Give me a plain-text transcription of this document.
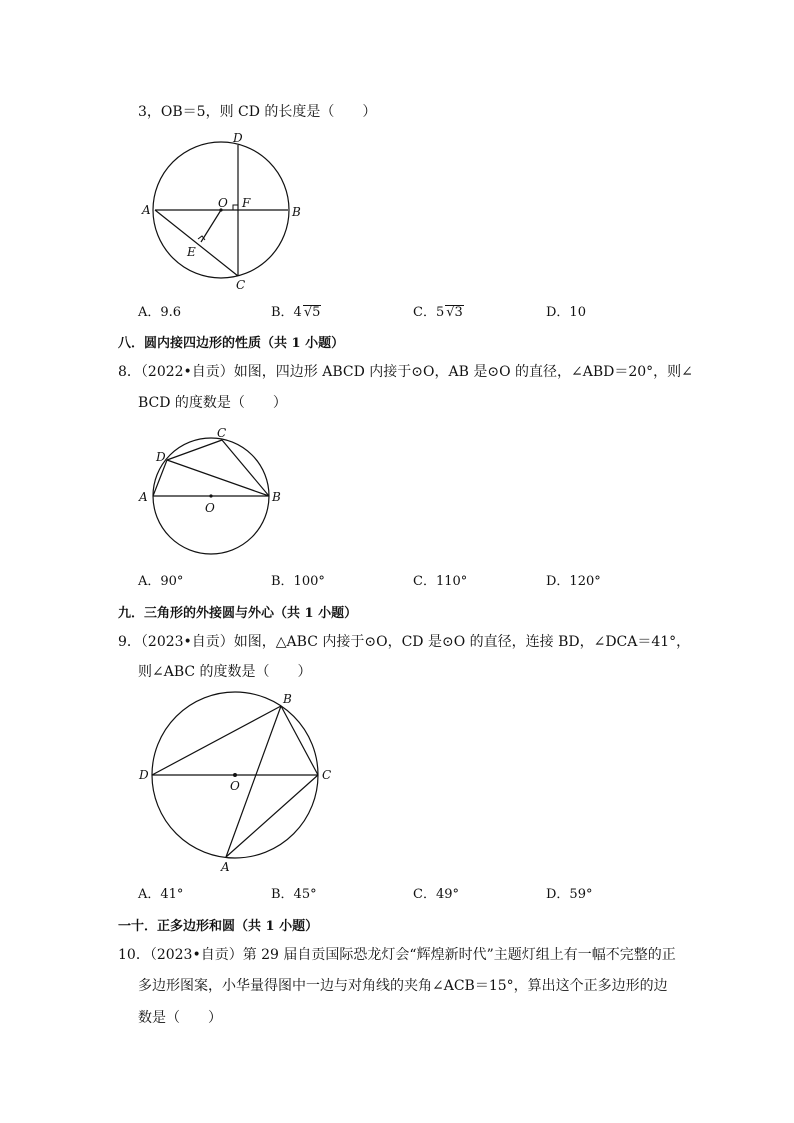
3，OB＝5，则 CD 的长度是（　　）
D
A	B
C
O F
E
A．9.6	B．4 √5	C．5 √3	D．10
八．圆内接四边形的性质（共 1 小题）
8．（2022•自贡）如图，四边形 ABCD 内接于⊙O，AB 是⊙O 的直径，∠ABD＝20°，则∠
BCD 的度数是（　　）
C
D
A	B
O
A．90°	B．100°	C．110°	D．120°
九．三角形的外接圆与外心（共 1 小题）
9．（2023•自贡）如图，△ABC 内接于⊙O，CD 是⊙O 的直径，连接 BD，∠DCA＝41°，
则∠ABC 的度数是（　　）
B
D	C
O
A
A．41°	B．45°	C．49°	D．59°
一十．正多边形和圆（共 1 小题）
10．（2023•自贡）第 29 届自贡国际恐龙灯会“辉煌新时代”主题灯组上有一幅不完整的正
多边形图案，小华量得图中一边与对角线的夹角∠ACB＝15°，算出这个正多边形的边
数是（　　）
